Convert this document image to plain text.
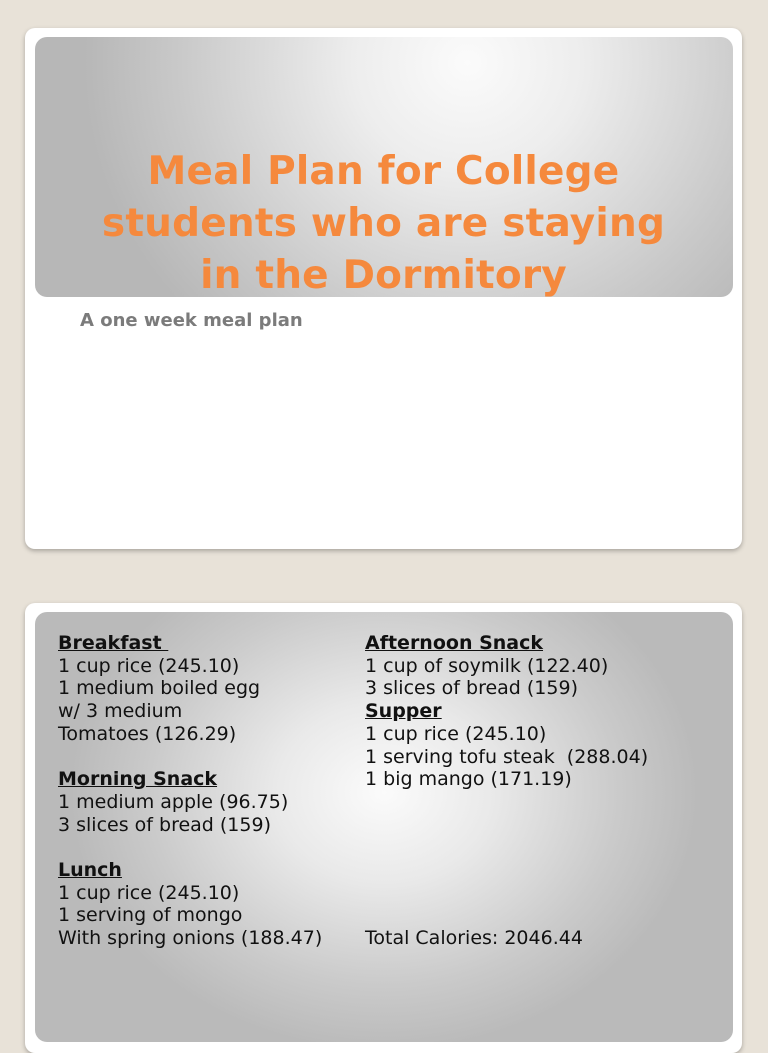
Meal Plan for College
students who are staying
in the Dormitory

A one week meal plan

Breakfast
1 cup rice (245.10)
1 medium boiled egg
w/ 3 medium
Tomatoes (126.29)
Morning Snack
1 medium apple (96.75)
3 slices of bread (159)
Lunch
1 cup rice (245.10)
1 serving of mongo
With spring onions (188.47)
Afternoon Snack
1 cup of soymilk (122.40)
3 slices of bread (159)
Supper
1 cup rice (245.10)
1 serving tofu steak  (288.04)
1 big mango (171.19)
Total Calories: 2046.44
